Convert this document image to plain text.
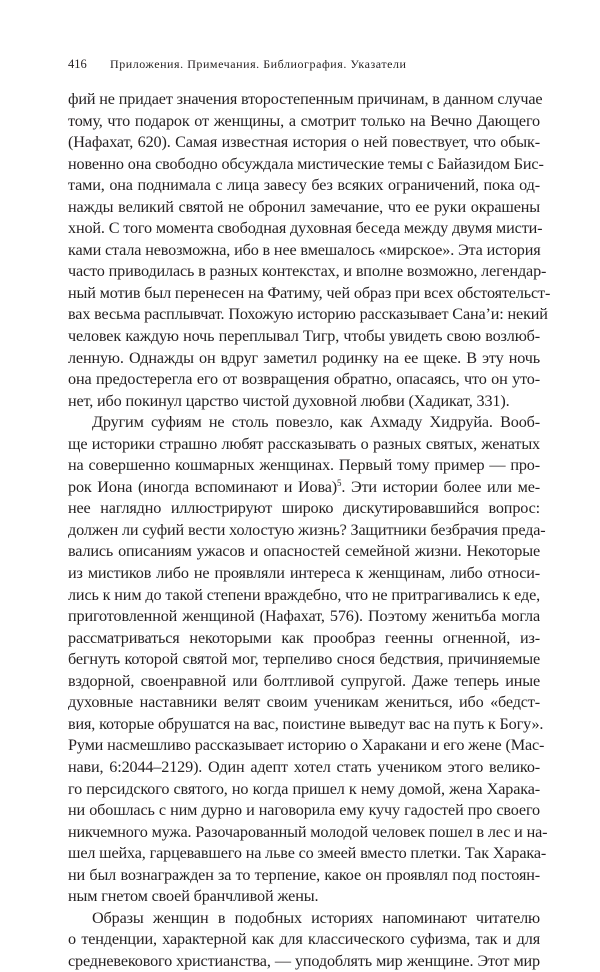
416 Приложения. Примечания. Библиография. Указатели
фий не придает значения второстепенным причинам, в данном случае
тому, что подарок от женщины, а смотрит только на Вечно Дающего
(Нафахат, 620). Самая известная история о ней повествует, что обык-
новенно она свободно обсуждала мистические темы с Байазидом Бис-
тами, она поднимала с лица завесу без всяких ограничений, пока од-
нажды великий святой не обронил замечание, что ее руки окрашены
хной. С того момента свободная духовная беседа между двумя мисти-
ками стала невозможна, ибо в нее вмешалось «мирское». Эта история
часто приводилась в разных контекстах, и вполне возможно, легендар-
ный мотив был перенесен на Фатиму, чей образ при всех обстоятельст-
вах весьма расплывчат. Похожую историю рассказывает Сана’и: некий
человек каждую ночь переплывал Тигр, чтобы увидеть свою возлюб-
ленную. Однажды он вдруг заметил родинку на ее щеке. В эту ночь
она предостерегла его от возвращения обратно, опасаясь, что он уто-
нет, ибо покинул царство чистой духовной любви (Хадикат, 331).
Другим суфиям не столь повезло, как Ахмаду Хидруйа. Вооб-
ще историки страшно любят рассказывать о разных святых, женатых
на совершенно кошмарных женщинах. Первый тому пример — про-
рок Иона (иногда вспоминают и Иова)$^5$. Эти истории более или ме-
нее наглядно иллюстрируют широко дискутировавшийся вопрос:
должен ли суфий вести холостую жизнь? Защитники безбрачия преда-
вались описаниям ужасов и опасностей семейной жизни. Некоторые
из мистиков либо не проявляли интереса к женщинам, либо относи-
лись к ним до такой степени враждебно, что не притрагивались к еде,
приготовленной женщиной (Нафахат, 576). Поэтому женитьба могла
рассматриваться некоторыми как прообраз геенны огненной, из-
бегнуть которой святой мог, терпеливо снося бедствия, причиняемые
вздорной, своенравной или болтливой супругой. Даже теперь иные
духовные наставники велят своим ученикам жениться, ибо «бедст-
вия, которые обрушатся на вас, поистине выведут вас на путь к Богу».
Руми насмешливо рассказывает историю о Харакани и его жене (Мас-
нави, 6:2044–2129). Один адепт хотел стать учеником этого велико-
го персидского святого, но когда пришел к нему домой, жена Харака-
ни обошлась с ним дурно и наговорила ему кучу гадостей про своего
никчемного мужа. Разочарованный молодой человек пошел в лес и на-
шел шейха, гарцевавшего на льве со змеей вместо плетки. Так Харака-
ни был вознагражден за то терпение, какое он проявлял под постоян-
ным гнетом своей бранчливой жены.
Образы женщин в подобных историях напоминают читателю
о тенденции, характерной как для классического суфизма, так и для
средневекового христианства, — уподоблять мир женщине. Этот мир
